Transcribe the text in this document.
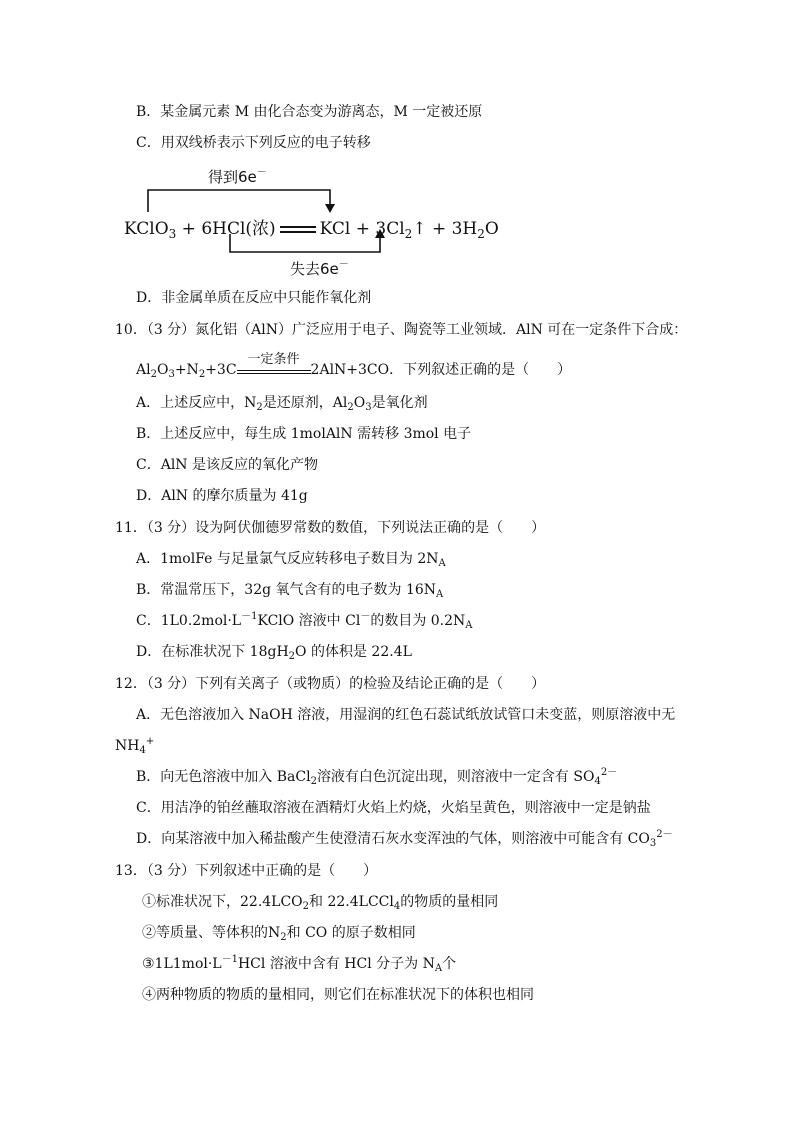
B．某金属元素 M 由化合态变为游离态，M 一定被还原
C．用双线桥表示下列反应的电子转移
得到6e－
KClO$_3$ + 6HCl(浓)	KCl + $3Cl_2↑ + 3H_2O$
失去6e－
D．非金属单质在反应中只能作氧化剂
10．（3 分）氮化铝（AlN）广泛应用于电子、陶瓷等工业领域．AlN 可在一定条件下合成：
$Al_2O_3+N_2+3C$
一定条件
2AlN+3CO．下列叙述正确的是（　　）
A．上述反应中，$N_2$是还原剂，$Al_2O_3$是氧化剂
B．上述反应中，每生成 1molAlN 需转移 3mol 电子
C．AlN 是该反应的氧化产物
D．AlN 的摩尔质量为 41g
11．（3 分）设为阿伏伽德罗常数的数值，下列说法正确的是（　　）
A．1molFe 与足量氯气反应转移电子数目为 $2N_A$
B．常温常压下，32g 氧气含有的电子数为 $16N_A$
C．$1L0.2mol\cdot L^{-1}KClO$ 溶液中 Cl－的数目为 $0.2N_A$
D．在标准状况下 $18gH_2O$ 的体积是 22.4L
12．（3 分）下列有关离子（或物质）的检验及结论正确的是（　　）
A．无色溶液加入 NaOH 溶液，用湿润的红色石蕊试纸放试管口未变蓝，则原溶液中无
$NH_4^+$
B．向无色溶液中加入 BaCl$_2$溶液有白色沉淀出现，则溶液中一定含有 $SO_4^{2-}$
C．用洁净的铂丝蘸取溶液在酒精灯火焰上灼烧，火焰呈黄色，则溶液中一定是钠盐
D．向某溶液中加入稀盐酸产生使澄清石灰水变浑浊的气体，则溶液中可能含有 $CO_3^{2-}$
13．（3 分）下列叙述中正确的是（　　）
①标准状况下，$22.4LCO_2$和 22.4LCCl$_4$的物质的量相同
②等质量、等体积的$N_2$和 CO 的原子数相同
$③1L1mol\cdot L^{-1}HCl$ 溶液中含有 HCl 分子为 $N_A$个
④两种物质的物质的量相同，则它们在标准状况下的体积也相同
